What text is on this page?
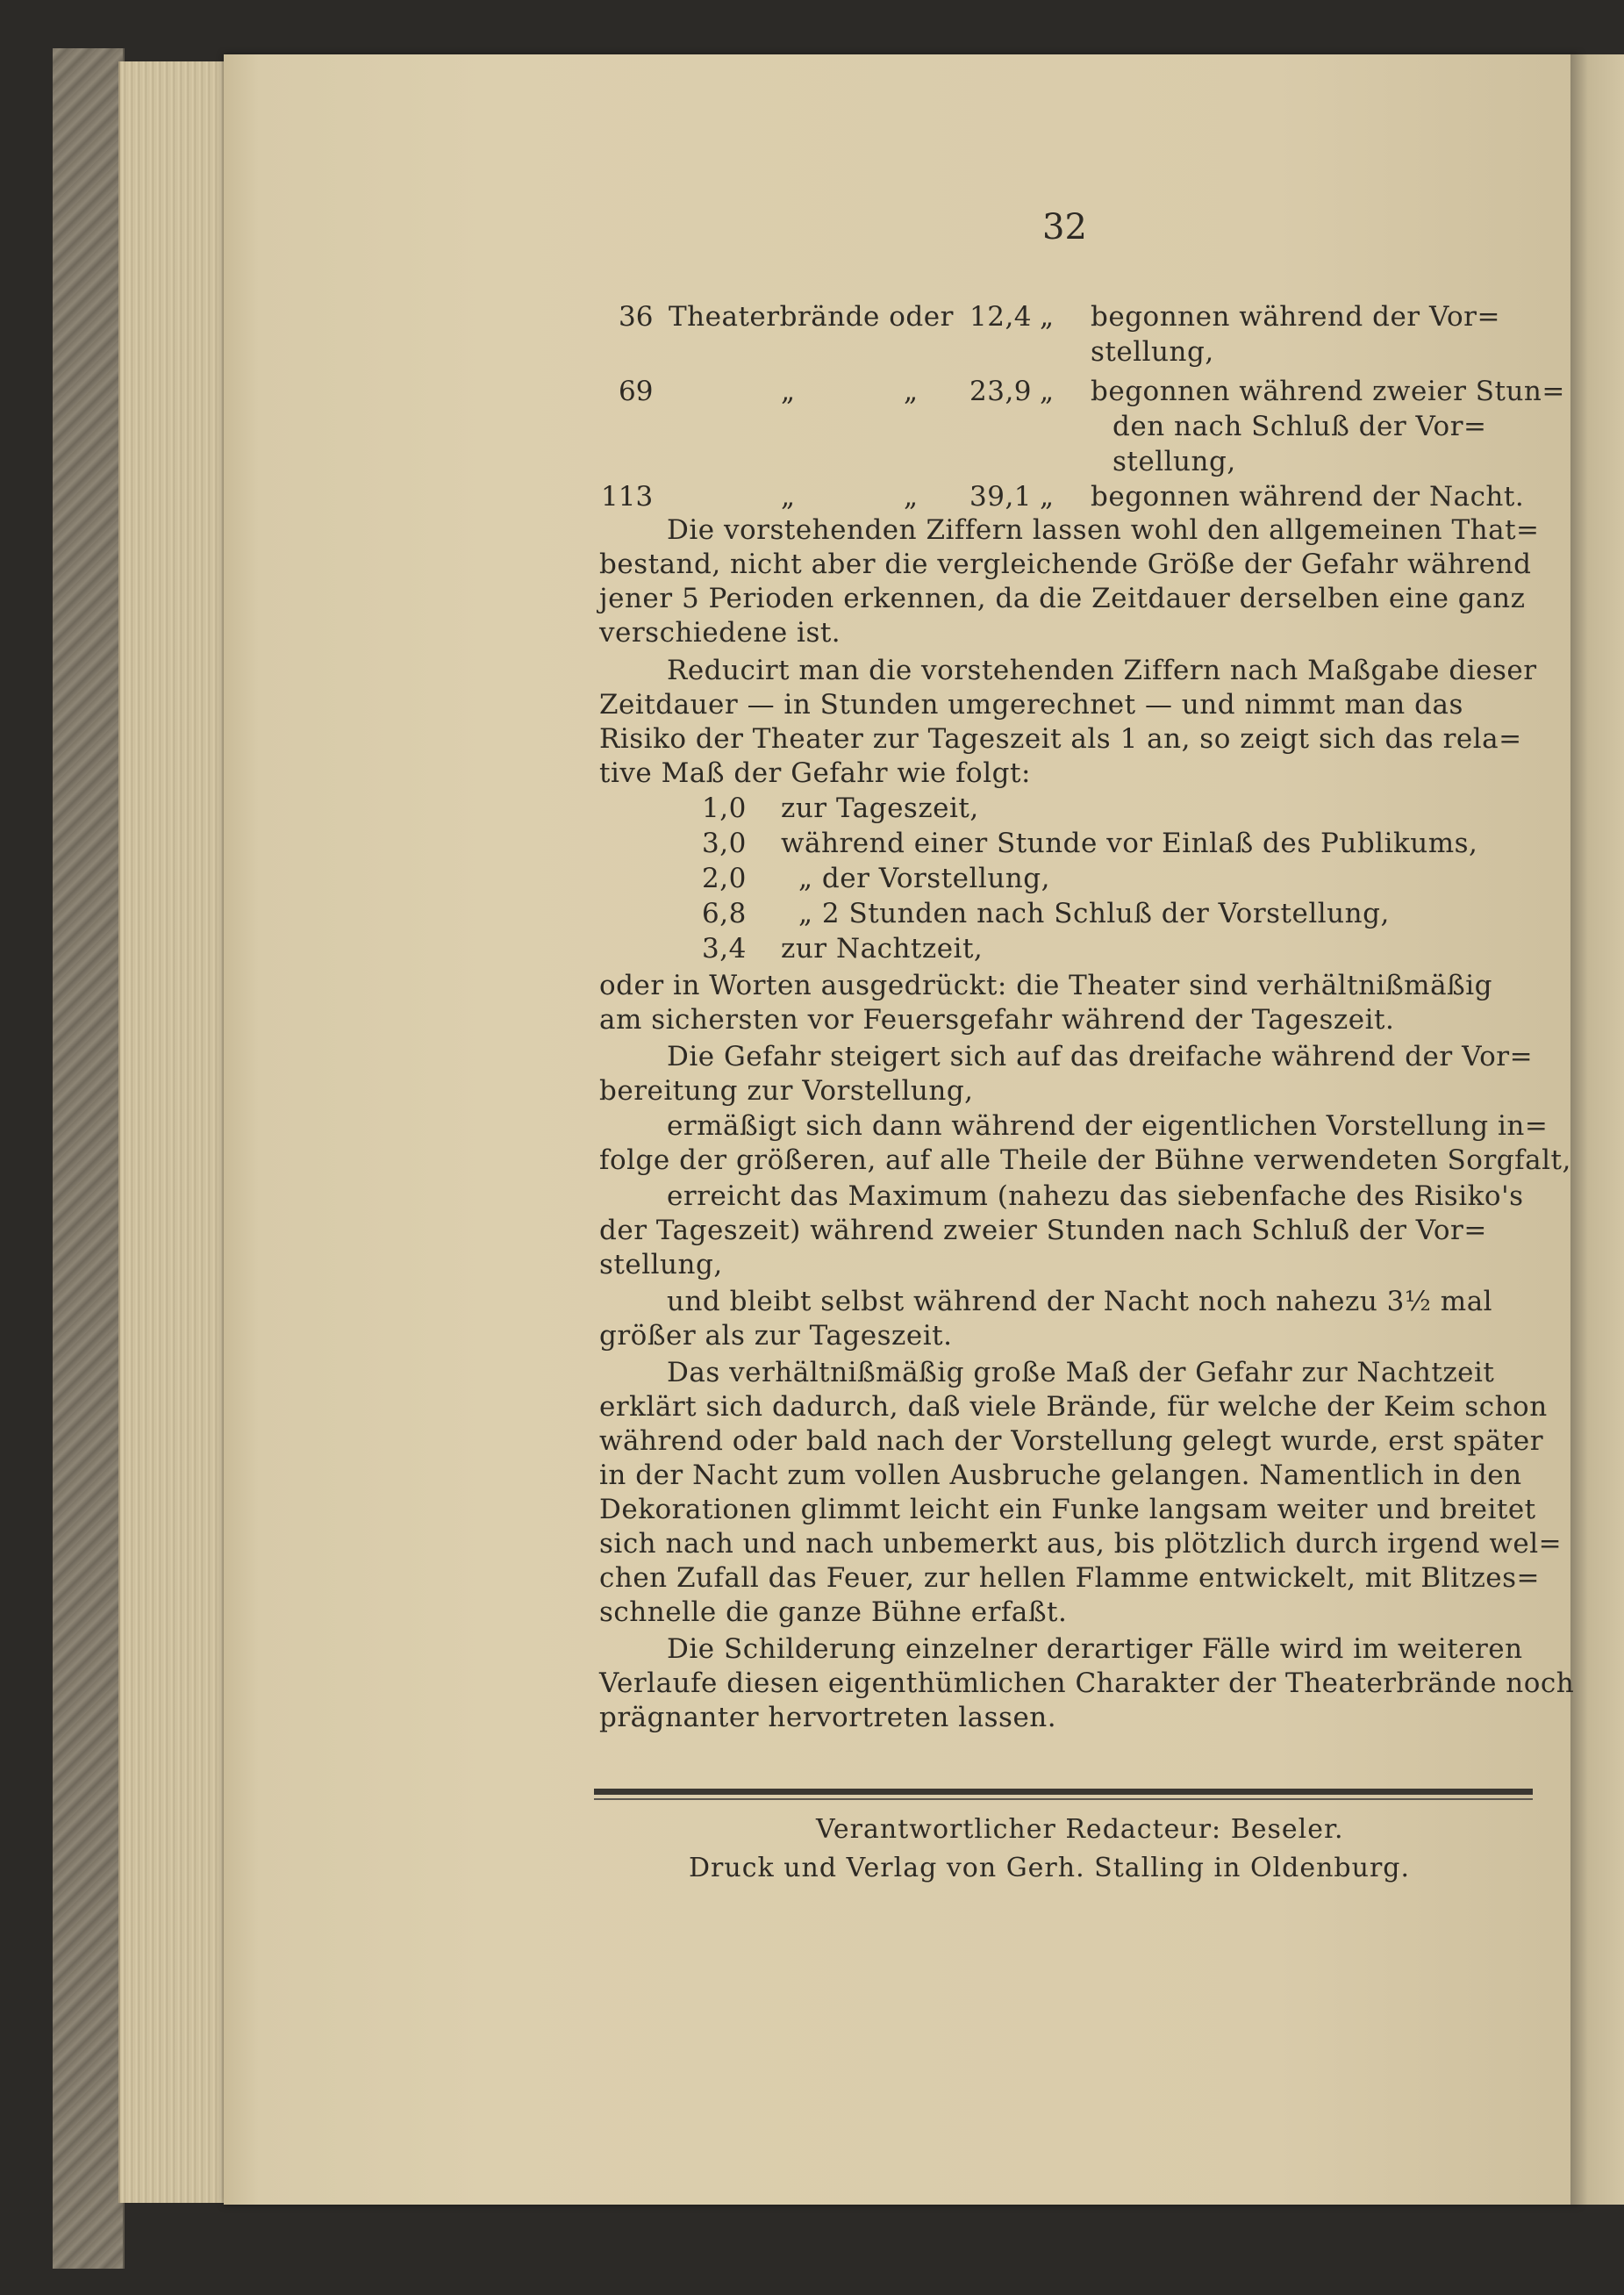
32
36 Theaterbrände oder 12,4 „ begonnen während der Vor=
stellung,
69	„	„ 23,9 „ begonnen während zweier Stun=
den nach Schluß der Vor=
stellung,
113	„	„ 39,1 „ begonnen während der Nacht.
Die vorstehenden Ziffern lassen wohl den allgemeinen That=
bestand, nicht aber die vergleichende Größe der Gefahr während
jener 5 Perioden erkennen, da die Zeitdauer derselben eine ganz
verschiedene ist.
Reducirt man die vorstehenden Ziffern nach Maßgabe dieser
Zeitdauer — in Stunden umgerechnet — und nimmt man das
Risiko der Theater zur Tageszeit als 1 an, so zeigt sich das rela=
tive Maß der Gefahr wie folgt:
1,0 zur Tageszeit,
3,0 während einer Stunde vor Einlaß des Publikums,
2,0 „ der Vorstellung,
6,8 „ 2 Stunden nach Schluß der Vorstellung,
3,4 zur Nachtzeit,
oder in Worten ausgedrückt: die Theater sind verhältnißmäßig
am sichersten vor Feuersgefahr während der Tageszeit.
Die Gefahr steigert sich auf das dreifache während der Vor=
bereitung zur Vorstellung,
ermäßigt sich dann während der eigentlichen Vorstellung in=
folge der größeren, auf alle Theile der Bühne verwendeten Sorgfalt,
erreicht das Maximum (nahezu das siebenfache des Risiko's
der Tageszeit) während zweier Stunden nach Schluß der Vor=
stellung,
und bleibt selbst während der Nacht noch nahezu 3½ mal
größer als zur Tageszeit.
Das verhältnißmäßig große Maß der Gefahr zur Nachtzeit
erklärt sich dadurch, daß viele Brände, für welche der Keim schon
während oder bald nach der Vorstellung gelegt wurde, erst später
in der Nacht zum vollen Ausbruche gelangen. Namentlich in den
Dekorationen glimmt leicht ein Funke langsam weiter und breitet
sich nach und nach unbemerkt aus, bis plötzlich durch irgend wel=
chen Zufall das Feuer, zur hellen Flamme entwickelt, mit Blitzes=
schnelle die ganze Bühne erfaßt.
Die Schilderung einzelner derartiger Fälle wird im weiteren
Verlaufe diesen eigenthümlichen Charakter der Theaterbrände noch
prägnanter hervortreten lassen.
Verantwortlicher Redacteur: Beseler.
Druck und Verlag von Gerh. Stalling in Oldenburg.
